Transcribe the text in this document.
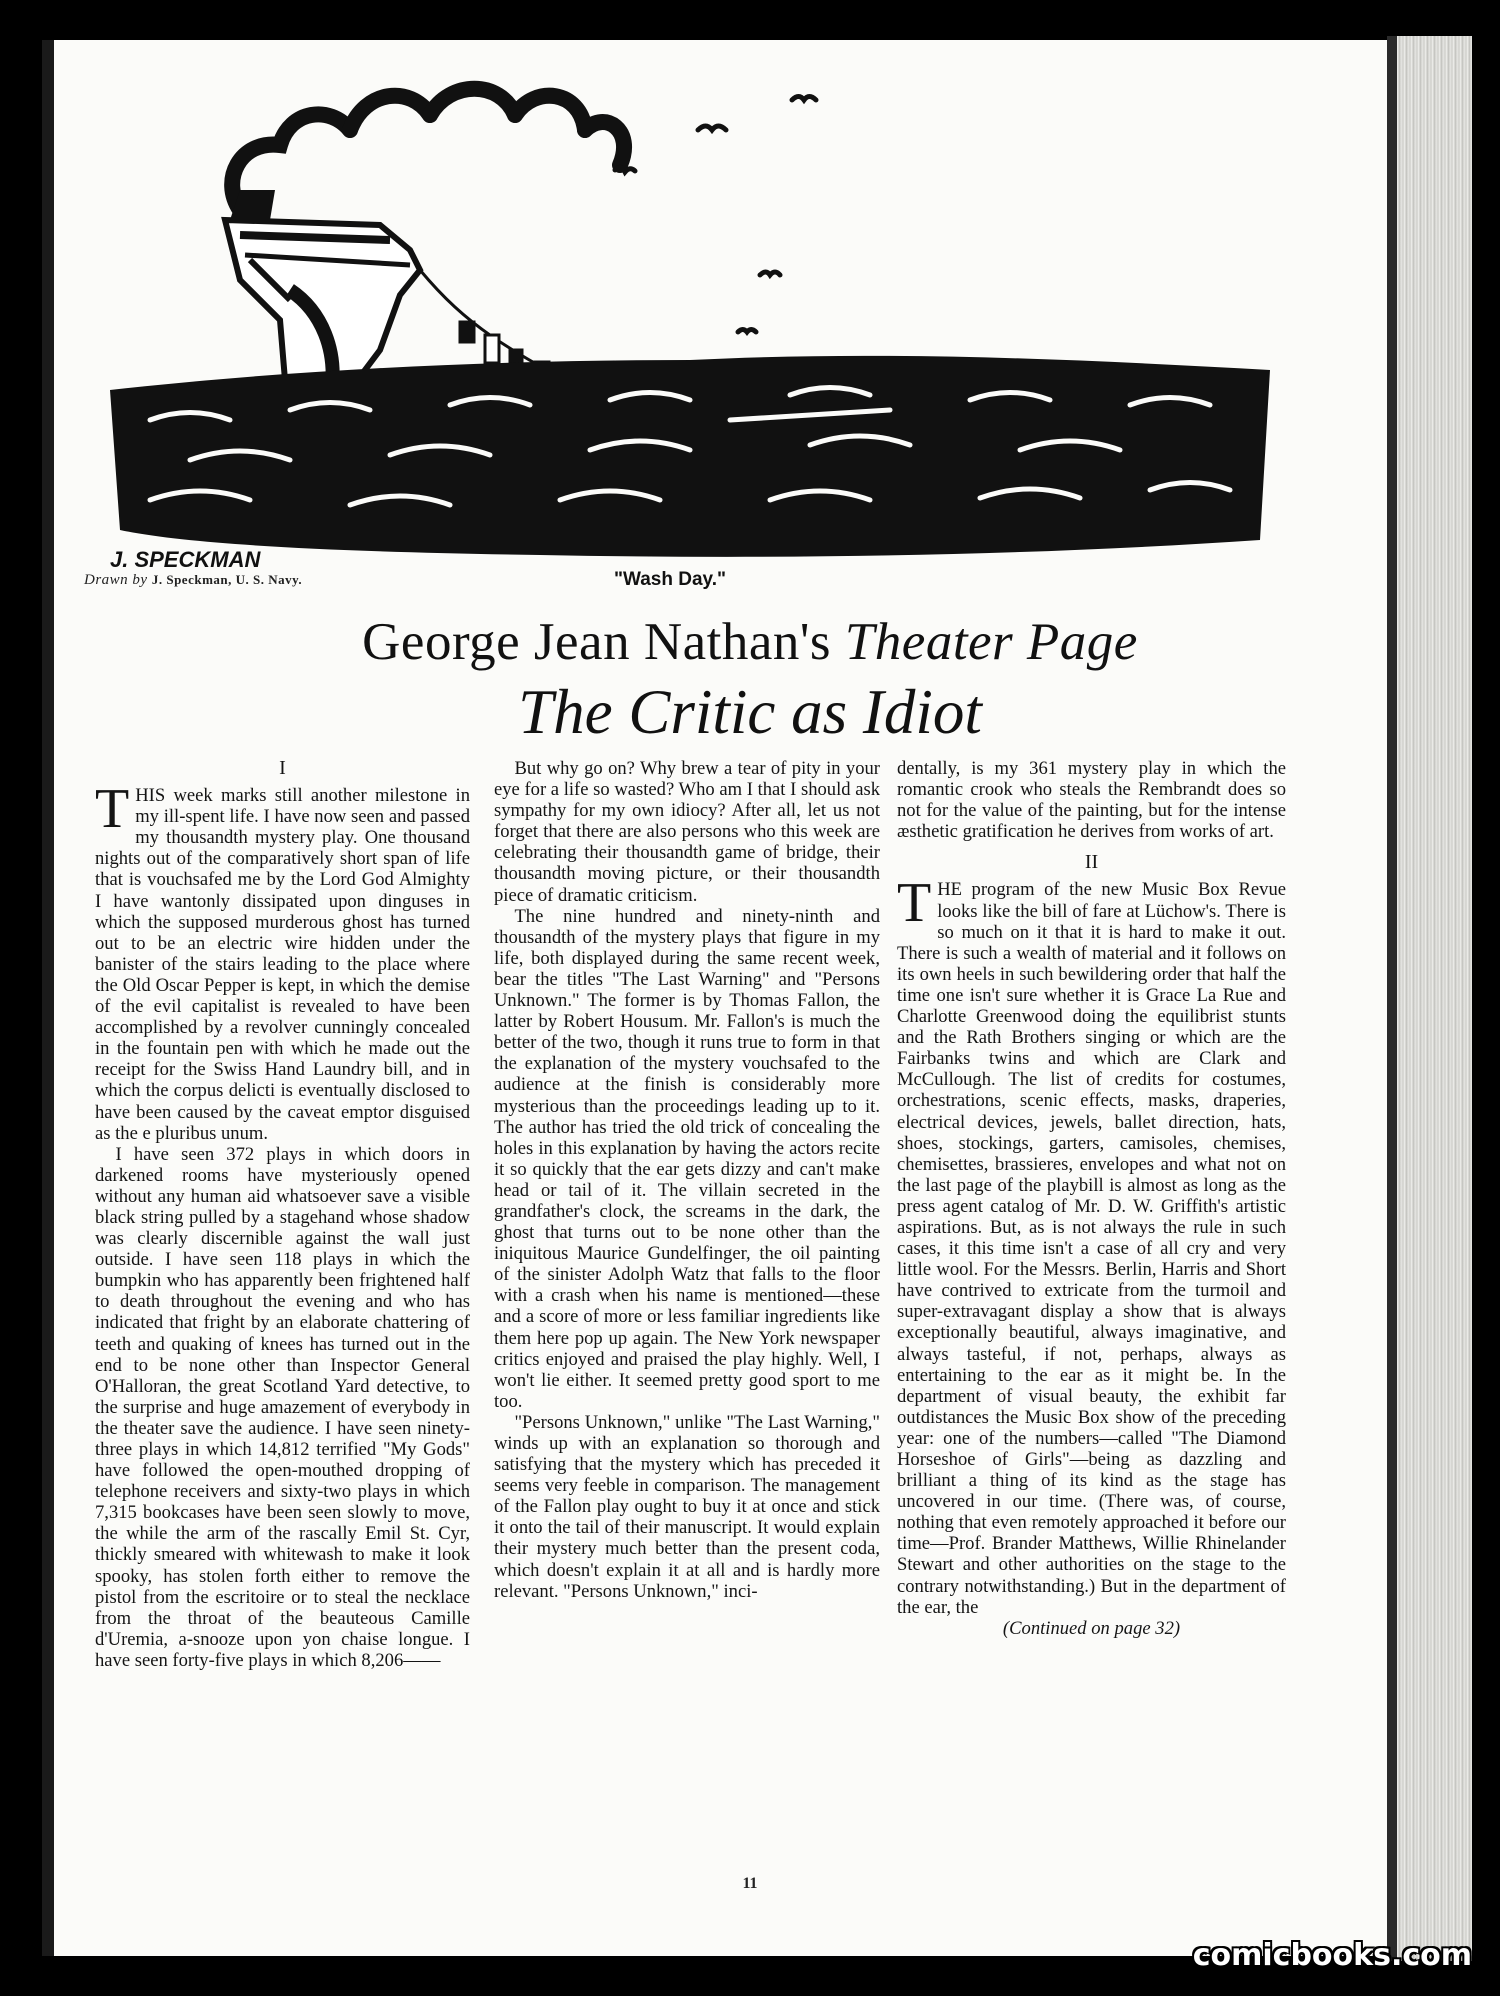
J. SPECKMAN
Drawn by J. Speckman, U. S. Navy.	"Wash Day."
George Jean Nathan's Theater Page
The Critic as Idiot
I

THIS week marks still another milestone in my ill-spent life. I have now seen and passed my thousandth mystery play. One thousand nights out of the comparatively short span of life that is vouchsafed me by the Lord God Almighty I have wantonly dissipated upon dinguses in which the supposed murderous ghost has turned out to be an electric wire hidden under the banister of the stairs leading to the place where the Old Oscar Pepper is kept, in which the demise of the evil capitalist is revealed to have been accomplished by a revolver cunningly concealed in the fountain pen with which he made out the receipt for the Swiss Hand Laundry bill, and in which the corpus delicti is eventually disclosed to have been caused by the caveat emptor disguised as the e pluribus unum.

I have seen 372 plays in which doors in darkened rooms have mysteriously opened without any human aid whatsoever save a visible black string pulled by a stagehand whose shadow was clearly discernible against the wall just outside. I have seen 118 plays in which the bumpkin who has apparently been frightened half to death throughout the evening and who has indicated that fright by an elaborate chattering of teeth and quaking of knees has turned out in the end to be none other than Inspector General O'Halloran, the great Scotland Yard detective, to the surprise and huge amazement of everybody in the theater save the audience. I have seen ninety-three plays in which 14,812 terrified "My Gods" have followed the open-mouthed dropping of telephone receivers and sixty-two plays in which 7,315 bookcases have been seen slowly to move, the while the arm of the rascally Emil St. Cyr, thickly smeared with whitewash to make it look spooky, has stolen forth either to remove the pistol from the escritoire or to steal the necklace from the throat of the beauteous Camille d'Uremia, a-snooze upon yon chaise longue. I have seen forty-five plays in which 8,206——

But why go on? Why brew a tear of pity in your eye for a life so wasted? Who am I that I should ask sympathy for my own idiocy? After all, let us not forget that there are also persons who this week are celebrating their thousandth game of bridge, their thousandth moving picture, or their thousandth piece of dramatic criticism.

The nine hundred and ninety-ninth and thousandth of the mystery plays that figure in my life, both displayed during the same recent week, bear the titles "The Last Warning" and "Persons Unknown." The former is by Thomas Fallon, the latter by Robert Housum. Mr. Fallon's is much the better of the two, though it runs true to form in that the explanation of the mystery vouchsafed to the audience at the finish is considerably more mysterious than the proceedings leading up to it. The author has tried the old trick of concealing the holes in this explanation by having the actors recite it so quickly that the ear gets dizzy and can't make head or tail of it. The villain secreted in the grandfather's clock, the screams in the dark, the ghost that turns out to be none other than the iniquitous Maurice Gundelfinger, the oil painting of the sinister Adolph Watz that falls to the floor with a crash when his name is mentioned—these and a score of more or less familiar ingredients like them here pop up again. The New York newspaper critics enjoyed and praised the play highly. Well, I won't lie either. It seemed pretty good sport to me too.

"Persons Unknown," unlike "The Last Warning," winds up with an explanation so thorough and satisfying that the mystery which has preceded it seems very feeble in comparison. The management of the Fallon play ought to buy it at once and stick it onto the tail of their manuscript. It would explain their mystery much better than the present coda, which doesn't explain it at all and is hardly more relevant. "Persons Unknown," inci-

dentally, is my 361 mystery play in which the romantic crook who steals the Rembrandt does so not for the value of the painting, but for the intense æsthetic gratification he derives from works of art.

II

THE program of the new Music Box Revue looks like the bill of fare at Lüchow's. There is so much on it that it is hard to make it out. There is such a wealth of material and it follows on its own heels in such bewildering order that half the time one isn't sure whether it is Grace La Rue and Charlotte Greenwood doing the equilibrist stunts and the Rath Brothers singing or which are the Fairbanks twins and which are Clark and McCullough. The list of credits for costumes, orchestrations, scenic effects, masks, draperies, electrical devices, jewels, ballet direction, hats, shoes, stockings, garters, camisoles, chemises, chemisettes, brassieres, envelopes and what not on the last page of the playbill is almost as long as the press agent catalog of Mr. D. W. Griffith's artistic aspirations. But, as is not always the rule in such cases, it this time isn't a case of all cry and very little wool. For the Messrs. Berlin, Harris and Short have contrived to extricate from the turmoil and super-extravagant display a show that is always exceptionally beautiful, always imaginative, and always tasteful, if not, perhaps, always as entertaining to the ear as it might be. In the department of visual beauty, the exhibit far outdistances the Music Box show of the preceding year: one of the numbers—called "The Diamond Horseshoe of Girls"—being as dazzling and brilliant a thing of its kind as the stage has uncovered in our time. (There was, of course, nothing that even remotely approached it before our time—Prof. Brander Matthews, Willie Rhinelander Stewart and other authorities on the stage to the contrary notwithstanding.) But in the department of the ear, the

(Continued on page 32)
11
comicbooks.com
